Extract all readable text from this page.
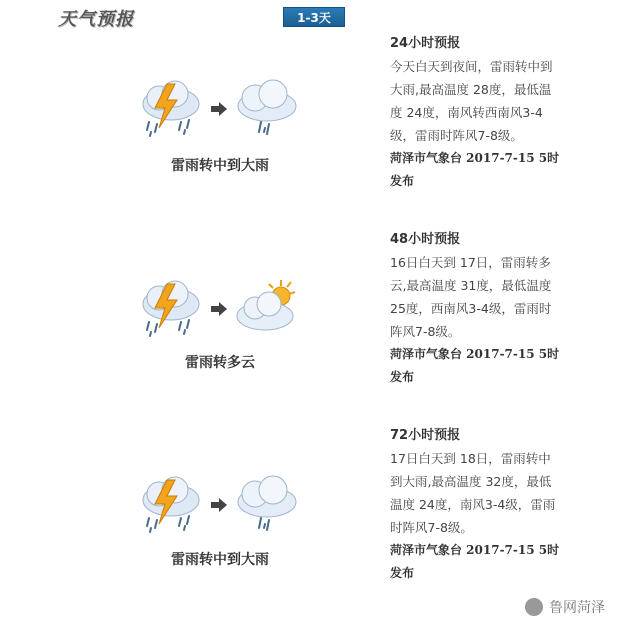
天气预报	1-3天
雷雨转中到大雨
24小时预报
今天白天到夜间，雷雨转中到大雨,最高温度 28度，最低温度 24度，南风转西南风3-4级，雷雨时阵风7-8级。
菏泽市气象台 2017-7-15 5时发布
雷雨转多云
48小时预报
16日白天到 17日，雷雨转多云,最高温度 31度，最低温度 25度，西南风3-4级，雷雨时阵风7-8级。
菏泽市气象台 2017-7-15 5时发布
雷雨转中到大雨
72小时预报
17日白天到 18日，雷雨转中到大雨,最高温度 32度，最低温度 24度，南风3-4级，雷雨时阵风7-8级。
菏泽市气象台 2017-7-15 5时发布
鲁网菏泽
